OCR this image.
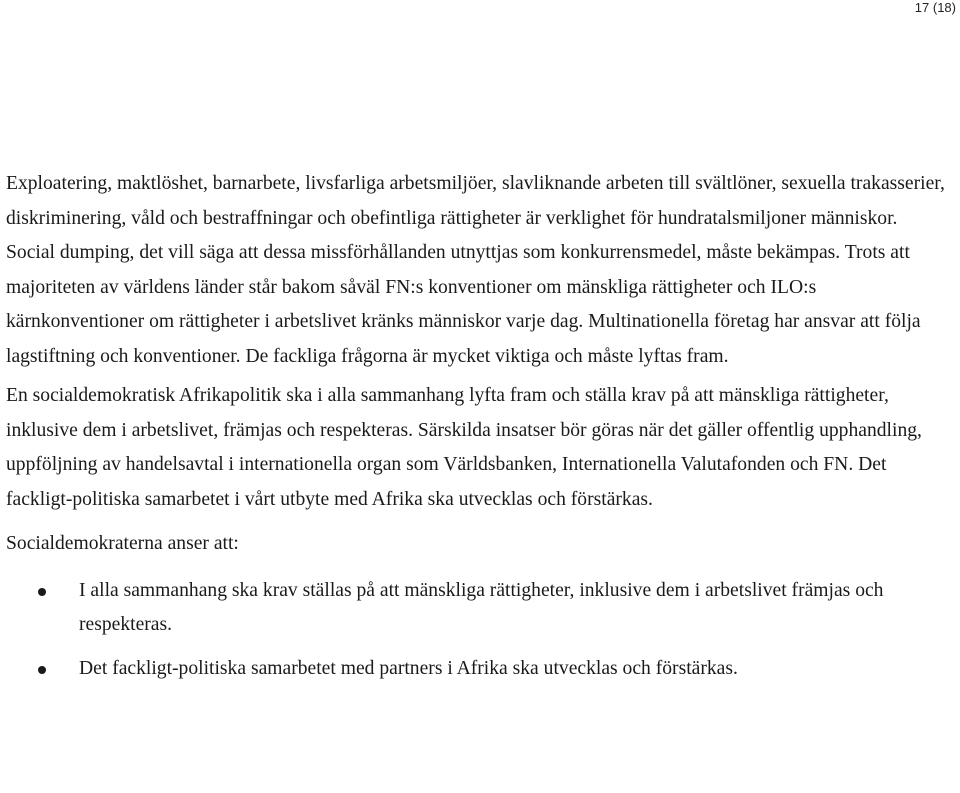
17 (18)

Exploatering, maktlöshet, barnarbete, livsfarliga arbetsmiljöer, slavliknande arbeten till svältlöner, sexuella trakasserier, diskriminering, våld och bestraffningar och obefintliga rättigheter är verklighet för hundratalsmiljoner människor. Social dumping, det vill säga att dessa missförhållanden utnyttjas som konkurrensmedel, måste bekämpas. Trots att majoriteten av världens länder står bakom såväl FN:s konventioner om mänskliga rättigheter och ILO:s kärnkonventioner om rättigheter i arbetslivet kränks människor varje dag. Multinationella företag har ansvar att följa lagstiftning och konventioner. De fackliga frågorna är mycket viktiga och måste lyftas fram.

En socialdemokratisk Afrikapolitik ska i alla sammanhang lyfta fram och ställa krav på att mänskliga rättigheter, inklusive dem i arbetslivet, främjas och respekteras. Särskilda insatser bör göras när det gäller offentlig upphandling, uppföljning av handelsavtal i internationella organ som Världsbanken, Internationella Valutafonden och FN. Det fackligt-politiska samarbetet i vårt utbyte med Afrika ska utvecklas och förstärkas.

Socialdemokraterna anser att:

I alla sammanhang ska krav ställas på att mänskliga rättigheter, inklusive dem i arbetslivet främjas och respekteras.
Det fackligt-politiska samarbetet med partners i Afrika ska utvecklas och förstärkas.
